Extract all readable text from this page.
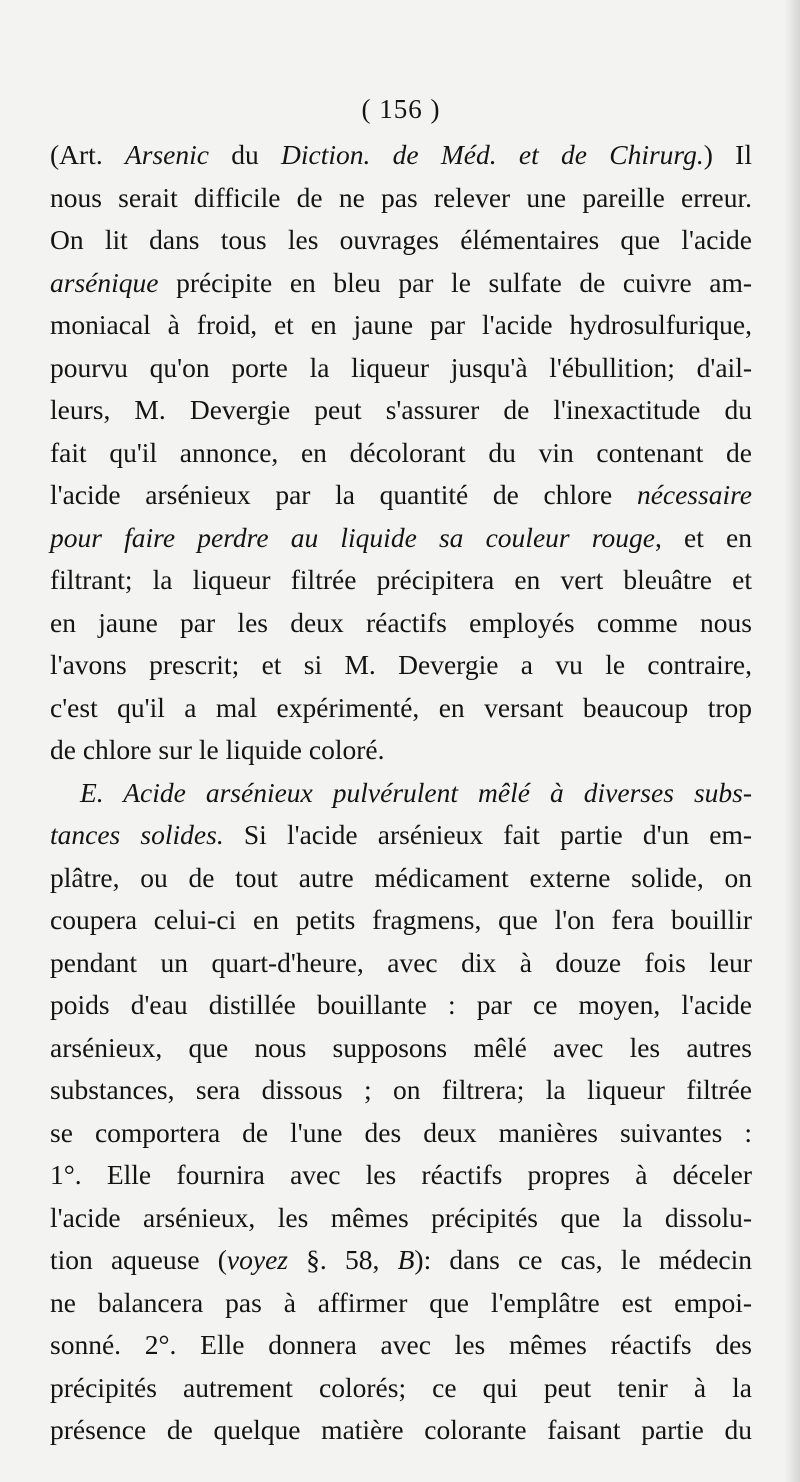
( 156 )
(Art. Arsenic du Diction. de Méd. et de Chirurg.) Il
nous serait difficile de ne pas relever une pareille erreur.
On lit dans tous les ouvrages élémentaires que l'acide
arsénique précipite en bleu par le sulfate de cuivre am-
moniacal à froid, et en jaune par l'acide hydrosulfurique,
pourvu qu'on porte la liqueur jusqu'à l'ébullition; d'ail-
leurs, M. Devergie peut s'assurer de l'inexactitude du
fait qu'il annonce, en décolorant du vin contenant de
l'acide arsénieux par la quantité de chlore nécessaire
pour faire perdre au liquide sa couleur rouge, et en
filtrant; la liqueur filtrée précipitera en vert bleuâtre et
en jaune par les deux réactifs employés comme nous
l'avons prescrit; et si M. Devergie a vu le contraire,
c'est qu'il a mal expérimenté, en versant beaucoup trop
de chlore sur le liquide coloré.
E. Acide arsénieux pulvérulent mêlé à diverses subs-
tances solides. Si l'acide arsénieux fait partie d'un em-
plâtre, ou de tout autre médicament externe solide, on
coupera celui-ci en petits fragmens, que l'on fera bouillir
pendant un quart-d'heure, avec dix à douze fois leur
poids d'eau distillée bouillante : par ce moyen, l'acide
arsénieux, que nous supposons mêlé avec les autres
substances, sera dissous ; on filtrera; la liqueur filtrée
se comportera de l'une des deux manières suivantes :
1°. Elle fournira avec les réactifs propres à déceler
l'acide arsénieux, les mêmes précipités que la dissolu-
tion aqueuse (voyez §. 58, B): dans ce cas, le médecin
ne balancera pas à affirmer que l'emplâtre est empoi-
sonné. 2°. Elle donnera avec les mêmes réactifs des
précipités autrement colorés; ce qui peut tenir à la
présence de quelque matière colorante faisant partie du
